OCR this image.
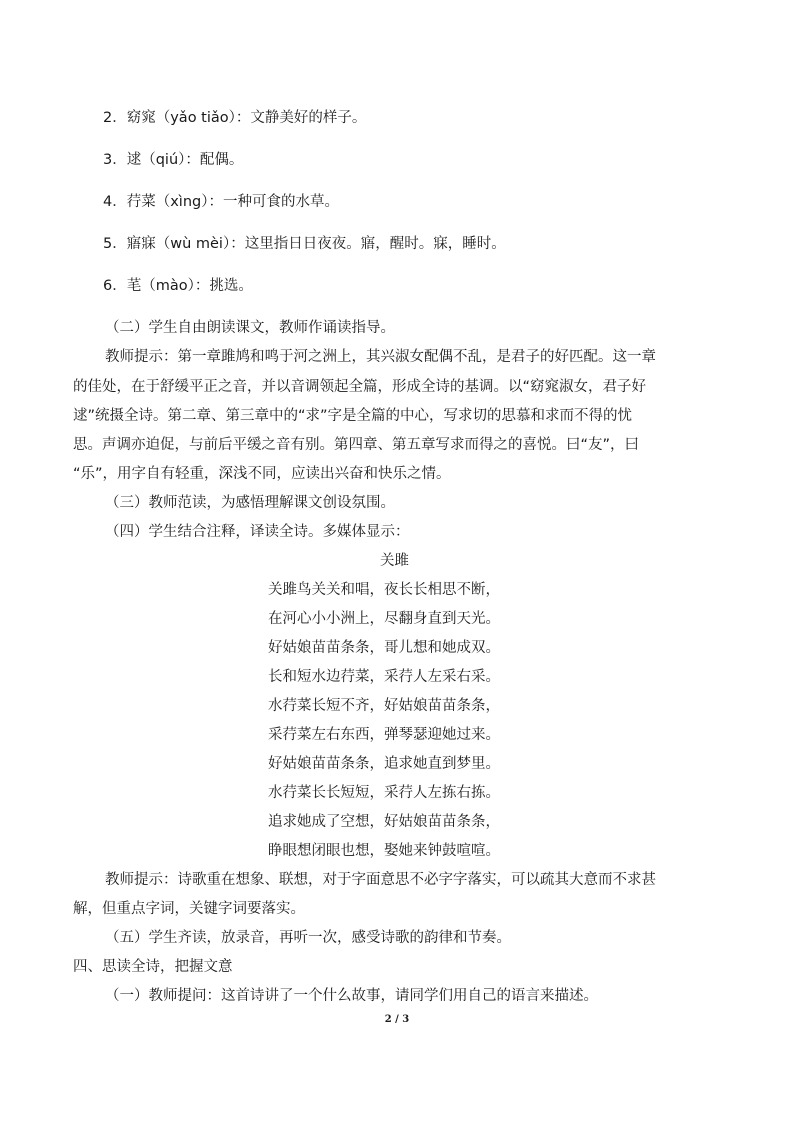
2．窈窕（yǎo tiǎo）：文静美好的样子。
3．逑（qiú）：配偶。
4．荇菜（xìng）：一种可食的水草。
5．寤寐（wù mèi）：这里指日日夜夜。寤，醒时。寐，睡时。
6．芼（mào）：挑选。
（二）学生自由朗读课文，教师作诵读指导。
教师提示：第一章雎鸠和鸣于河之洲上，其兴淑女配偶不乱，是君子的好匹配。这一章
的佳处，在于舒缓平正之音，并以音调领起全篇，形成全诗的基调。以“窈窕淑女，君子好
逑”统摄全诗。第二章、第三章中的“求”字是全篇的中心，写求切的思慕和求而不得的忧
思。声调亦迫促，与前后平缓之音有别。第四章、第五章写求而得之的喜悦。曰“友”，曰
“乐”，用字自有轻重，深浅不同，应读出兴奋和快乐之情。
（三）教师范读，为感悟理解课文创设氛围。
（四）学生结合注释，译读全诗。多媒体显示：
关雎
关雎鸟关关和唱，夜长长相思不断，
在河心小小洲上，尽翻身直到天光。
好姑娘苗苗条条，哥儿想和她成双。
长和短水边荇菜，采荇人左采右采。
水荇菜长短不齐，好姑娘苗苗条条，
采荇菜左右东西，弹琴瑟迎她过来。
好姑娘苗苗条条，追求她直到梦里。
水荇菜长长短短，采荇人左拣右拣。
追求她成了空想，好姑娘苗苗条条，
睁眼想闭眼也想，娶她来钟鼓喧喧。
教师提示：诗歌重在想象、联想，对于字面意思不必字字落实，可以疏其大意而不求甚
解，但重点字词，关键字词要落实。
（五）学生齐读，放录音，再听一次，感受诗歌的韵律和节奏。
四、思读全诗，把握文意
（一）教师提问：这首诗讲了一个什么故事，请同学们用自己的语言来描述。
2 / 3
